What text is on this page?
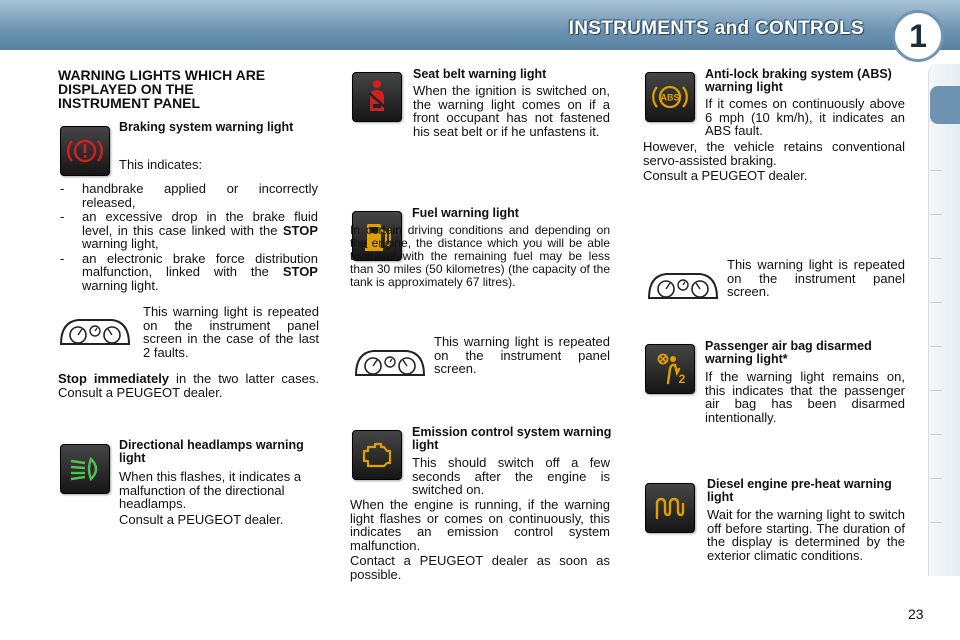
INSTRUMENTS and CONTROLS	1
WARNING LIGHTS WHICH ARE DISPLAYED ON THE INSTRUMENT PANEL
Braking system warning light
This indicates:
- handbrake applied or incorrectly released,
- an excessive drop in the brake fluid level, in this case linked with the STOP warning light,
- an electronic brake force distribution malfunction, linked with the STOP warning light.
This warning light is repeated on the instrument panel screen in the case of the last 2 faults.
Stop immediately in the two latter cases. Consult a PEUGEOT dealer.
Directional headlamps warning light
When this flashes, it indicates a malfunction of the directional headlamps.
Consult a PEUGEOT dealer.
Seat belt warning light
When the ignition is switched on, the warning light comes on if a front occupant has not fastened his seat belt or if he unfastens it.
Fuel warning light
In certain driving conditions and depending on the engine, the distance which you will be able to travel with the remaining fuel may be less than 30 miles (50 kilometres) (the capacity of the tank is approximately 67 litres).
This warning light is repeated on the instrument panel screen.
Emission control system warning light
This should switch off a few seconds after the engine is switched on.
When the engine is running, if the warning light flashes or comes on continuously, this indicates an emission control system malfunction.
Contact a PEUGEOT dealer as soon as possible.
ABS
Anti-lock braking system (ABS) warning light
If it comes on continuously above 6 mph (10 km/h), it indicates an ABS fault.
However, the vehicle retains conventional servo-assisted braking.
Consult a PEUGEOT dealer.
This warning light is repeated on the instrument panel screen.
2
Passenger air bag disarmed warning light*
If the warning light remains on, this indicates that the passenger air bag has been disarmed intentionally.
Diesel engine pre-heat warning light
Wait for the warning light to switch off before starting. The duration of the display is determined by the exterior climatic conditions.
23
